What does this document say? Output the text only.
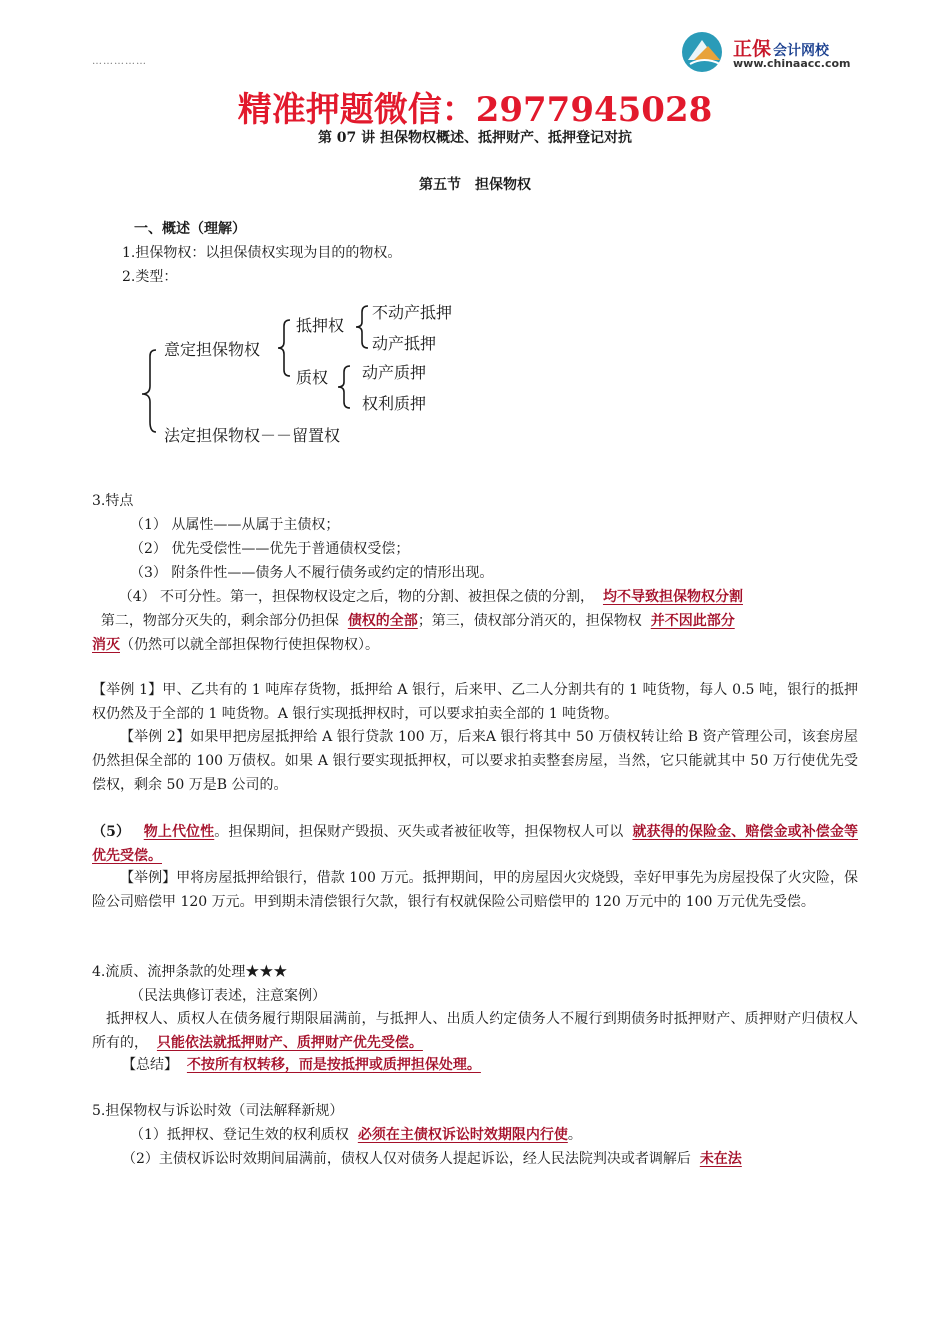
……………
正保 会计网校
www.chinaacc.com
精准押题微信：2977945028
第 07 讲 担保物权概述、抵押财产、抵押登记对抗
第五节　担保物权
一、概述（理解）
1.担保物权：以担保债权实现为目的的物权。
2.类型：
意定担保物权
抵押权
质权
不动产抵押
动产抵押
动产质押
权利质押
法定担保物权－－留置权
3.特点
（1） 从属性——从属于主债权；
（2） 优先受偿性——优先于普通债权受偿；
（3） 附条件性——债务人不履行债务或约定的情形出现。
（4） 不可分性。第一，担保物权设定之后，物的分割、被担保之债的分割， 均不导致担保物权分割
第二，物部分灭失的，剩余部分仍担保 债权的全部；第三，债权部分消灭的，担保物权 并不因此部分
消灭（仍然可以就全部担保物行使担保物权）。
【举例 1】甲、乙共有的 1 吨库存货物，抵押给 A 银行，后来甲、乙二人分割共有的 1 吨货物，每人 0.5 吨，银行的抵押权仍然及于全部的 1 吨货物。A 银行实现抵押权时，可以要求拍卖全部的 1 吨货物。
【举例 2】如果甲把房屋抵押给 A 银行贷款 100 万，后来A 银行将其中 50 万债权转让给 B 资产管理公司，该套房屋仍然担保全部的 100 万债权。如果 A 银行要实现抵押权，可以要求拍卖整套房屋，当然，它只能就其中 50 万行使优先受偿权，剩余 50 万是B 公司的。
（5） 物上代位性。担保期间，担保财产毁损、灭失或者被征收等，担保物权人可以 就获得的保险金、赔偿金或补偿金等优先受偿。
【举例】甲将房屋抵押给银行，借款 100 万元。抵押期间，甲的房屋因火灾烧毁，幸好甲事先为房屋投保了火灾险，保险公司赔偿甲 120 万元。甲到期未清偿银行欠款，银行有权就保险公司赔偿甲的 120 万元中的 100 万元优先受偿。
4.流质、流押条款的处理★★★
（民法典修订表述，注意案例）
抵押权人、质权人在债务履行期限届满前，与抵押人、出质人约定债务人不履行到期债务时抵押财产、质押财产归债权人所有的， 只能依法就抵押财产、质押财产优先受偿。
【总结】 不按所有权转移，而是按抵押或质押担保处理。
5.担保物权与诉讼时效（司法解释新规）
（1）抵押权、登记生效的权利质权 必须在主债权诉讼时效期限内行使。
（2）主债权诉讼时效期间届满前，债权人仅对债务人提起诉讼，经人民法院判决或者调解后 未在法
